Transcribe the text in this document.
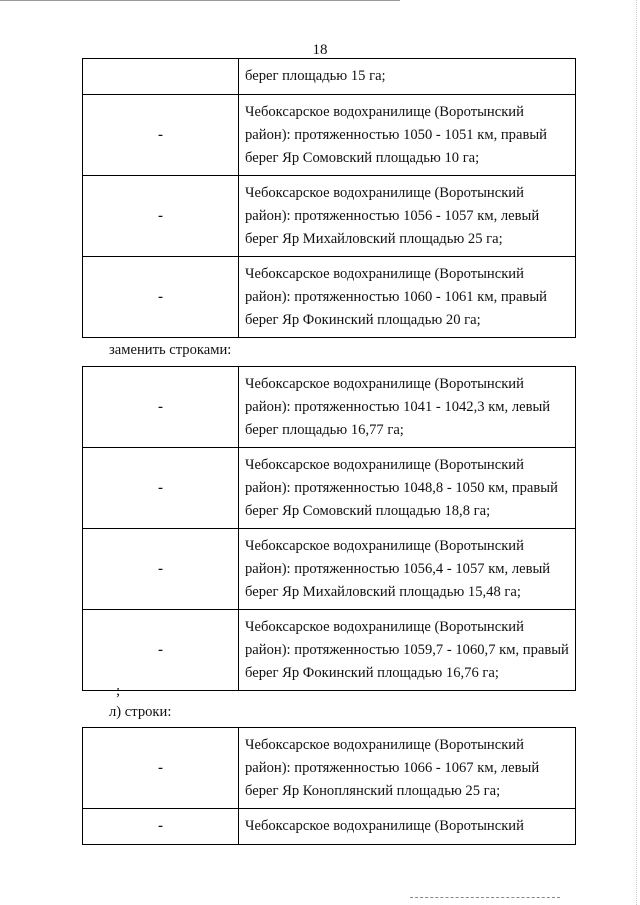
18
	берег площадью 15 га;
-	Чебоксарское водохранилище (Воротынский район): протяженностью 1050 - 1051 км, правый берег Яр Сомовский площадью 10 га;
-	Чебоксарское водохранилище (Воротынский район): протяженностью 1056 - 1057 км, левый берег Яр Михайловский площадью 25 га;
-	Чебоксарское водохранилище (Воротынский район): протяженностью 1060 - 1061 км, правый берег Яр Фокинский площадью 20 га;
заменить строками:
-	Чебоксарское водохранилище (Воротынский район): протяженностью 1041 - 1042,3 км, левый берег площадью 16,77 га;
-	Чебоксарское водохранилище (Воротынский район): протяженностью 1048,8 - 1050 км, правый берег Яр Сомовский площадью 18,8 га;
-	Чебоксарское водохранилище (Воротынский район): протяженностью 1056,4 - 1057 км, левый берег Яр Михайловский площадью 15,48 га;
-	Чебоксарское водохранилище (Воротынский район): протяженностью 1059,7 - 1060,7 км, правый берег Яр Фокинский площадью 16,76 га;
;
л) строки:
-	Чебоксарское водохранилище (Воротынский район): протяженностью 1066 - 1067 км, левый берег Яр Коноплянский площадью 25 га;
-	Чебоксарское водохранилище (Воротынский
